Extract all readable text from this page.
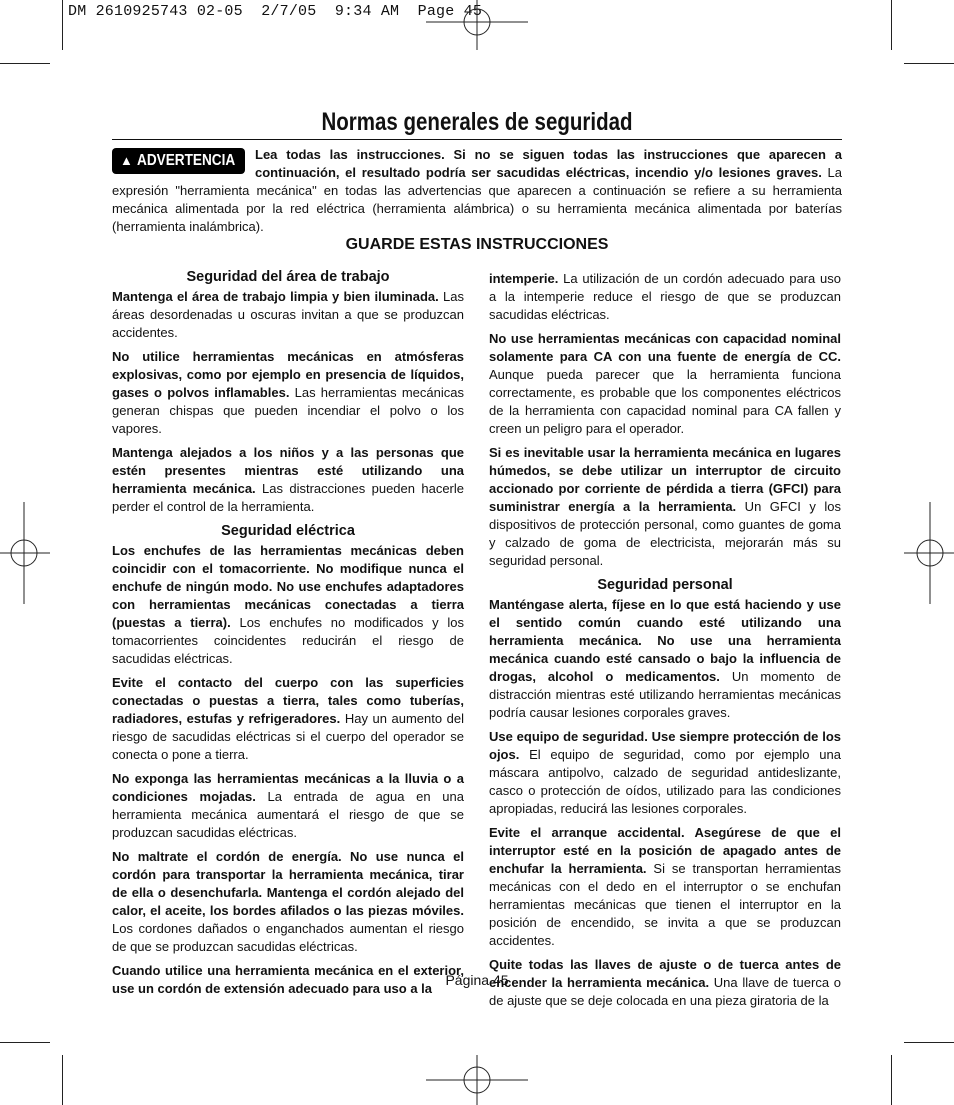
DM 2610925743 02-05  2/7/05  9:34 AM  Page 45
Normas generales de seguridad
▲ ADVERTENCIA	Lea todas las instrucciones. Si no se siguen todas las instrucciones que aparecen a continuación, el resultado podría ser sacudidas eléctricas, incendio y/o lesiones graves. La expresión "herramienta mecánica" en todas las advertencias que aparecen a continuación se refiere a su herramienta mecánica alimentada por la red eléctrica (herramienta alámbrica) o su herramienta mecánica alimentada por baterías (herramienta inalámbrica).
GUARDE ESTAS INSTRUCCIONES
Seguridad del área de trabajo

Mantenga el área de trabajo limpia y bien iluminada. Las áreas desordenadas u oscuras invitan a que se produzcan accidentes.

No utilice herramientas mecánicas en atmósferas explosivas, como por ejemplo en presencia de líquidos, gases o polvos inflamables. Las herramientas mecánicas generan chispas que pueden incendiar el polvo o los vapores.

Mantenga alejados a los niños y a las personas que estén presentes mientras esté utilizando una herramienta mecánica. Las distracciones pueden hacerle perder el control de la herramienta.

Seguridad eléctrica

Los enchufes de las herramientas mecánicas deben coincidir con el tomacorriente. No modifique nunca el enchufe de ningún modo. No use enchufes adaptadores con herramientas mecánicas conectadas a tierra (puestas a tierra). Los enchufes no modificados y los tomacorrientes coincidentes reducirán el riesgo de sacudidas eléctricas.

Evite el contacto del cuerpo con las superficies conectadas o puestas a tierra, tales como tuberías, radiadores, estufas y refrigeradores. Hay un aumento del riesgo de sacudidas eléctricas si el cuerpo del operador se conecta o pone a tierra.

No exponga las herramientas mecánicas a la lluvia o a condiciones mojadas. La entrada de agua en una herramienta mecánica aumentará el riesgo de que se produzcan sacudidas eléctricas.

No maltrate el cordón de energía. No use nunca el cordón para transportar la herramienta mecánica, tirar de ella o desenchufarla. Mantenga el cordón alejado del calor, el aceite, los bordes afilados o las piezas móviles. Los cordones dañados o enganchados aumentan el riesgo de que se produzcan sacudidas eléctricas.

Cuando utilice una herramienta mecánica en el exterior, use un cordón de extensión adecuado para uso a la

intemperie. La utilización de un cordón adecuado para uso a la intemperie reduce el riesgo de que se produzcan sacudidas eléctricas.

No use herramientas mecánicas con capacidad nominal solamente para CA con una fuente de energía de CC. Aunque pueda parecer que la herramienta funciona correctamente, es probable que los componentes eléctricos de la herramienta con capacidad nominal para CA fallen y creen un peligro para el operador.

Si es inevitable usar la herramienta mecánica en lugares húmedos, se debe utilizar un interruptor de circuito accionado por corriente de pérdida a tierra (GFCI) para suministrar energía a la herramienta. Un GFCI y los dispositivos de protección personal, como guantes de goma y calzado de goma de electricista, mejorarán más su seguridad personal.

Seguridad personal

Manténgase alerta, fíjese en lo que está haciendo y use el sentido común cuando esté utilizando una herramienta mecánica. No use una herramienta mecánica cuando esté cansado o bajo la influencia de drogas, alcohol o medicamentos. Un momento de distracción mientras esté utilizando herramientas mecánicas podría causar lesiones corporales graves.

Use equipo de seguridad. Use siempre protección de los ojos. El equipo de seguridad, como por ejemplo una máscara antipolvo, calzado de seguridad antideslizante, casco o protección de oídos, utilizado para las condiciones apropiadas, reducirá las lesiones corporales.

Evite el arranque accidental. Asegúrese de que el interruptor esté en la posición de apagado antes de enchufar la herramienta. Si se transportan herramientas mecánicas con el dedo en el interruptor o se enchufan herramientas mecánicas que tienen el interruptor en la posición de encendido, se invita a que se produzcan accidentes.

Quite todas las llaves de ajuste o de tuerca antes de encender la herramienta mecánica. Una llave de tuerca o de ajuste que se deje colocada en una pieza giratoria de la

Página 45
